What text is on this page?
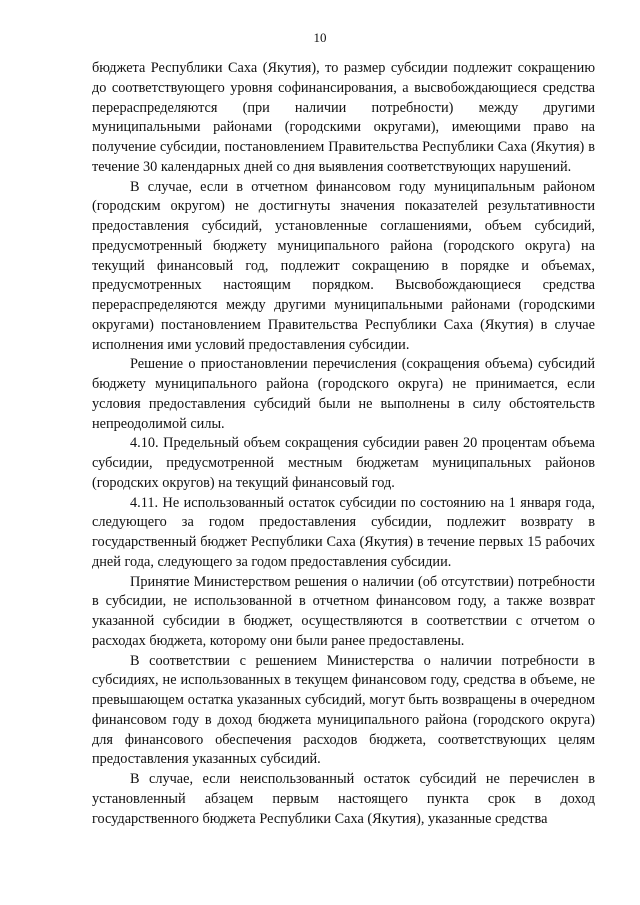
10

бюджета Республики Саха (Якутия), то размер субсидии подлежит сокращению до соответствующего уровня софинансирования, а высвобождающиеся средства перераспределяются (при наличии потребности) между другими муниципальными районами (городскими округами), имеющими право на получение субсидии, постановлением Правительства Республики Саха (Якутия) в течение 30 календарных дней со дня выявления соответствующих нарушений.

В случае, если в отчетном финансовом году муниципальным районом (городским округом) не достигнуты значения показателей результативности предоставления субсидий, установленные соглашениями, объем субсидий, предусмотренный бюджету муниципального района (городского округа) на текущий финансовый год, подлежит сокращению в порядке и объемах, предусмотренных настоящим порядком. Высвобождающиеся средства перераспределяются между другими муниципальными районами (городскими округами) постановлением Правительства Республики Саха (Якутия) в случае исполнения ими условий предоставления субсидии.

Решение о приостановлении перечисления (сокращения объема) субсидий бюджету муниципального района (городского округа) не принимается, если условия предоставления субсидий были не выполнены в силу обстоятельств непреодолимой силы.

4.10. Предельный объем сокращения субсидии равен 20 процентам объема субсидии, предусмотренной местным бюджетам муниципальных районов (городских округов) на текущий финансовый год.

4.11. Не использованный остаток субсидии по состоянию на 1 января года, следующего за годом предоставления субсидии, подлежит возврату в государственный бюджет Республики Саха (Якутия) в течение первых 15 рабочих дней года, следующего за годом предоставления субсидии.

Принятие Министерством решения о наличии (об отсутствии) потребности в субсидии, не использованной в отчетном финансовом году, а также возврат указанной субсидии в бюджет, осуществляются в соответствии с отчетом о расходах бюджета, которому они были ранее предоставлены.

В соответствии с решением Министерства о наличии потребности в субсидиях, не использованных в текущем финансовом году, средства в объеме, не превышающем остатка указанных субсидий, могут быть возвращены в очередном финансовом году в доход бюджета муниципального района (городского округа) для финансового обеспечения расходов бюджета, соответствующих целям предоставления указанных субсидий.

В случае, если неиспользованный остаток субсидий не перечислен в установленный абзацем первым настоящего пункта срок в доход государственного бюджета Республики Саха (Якутия), указанные средства
